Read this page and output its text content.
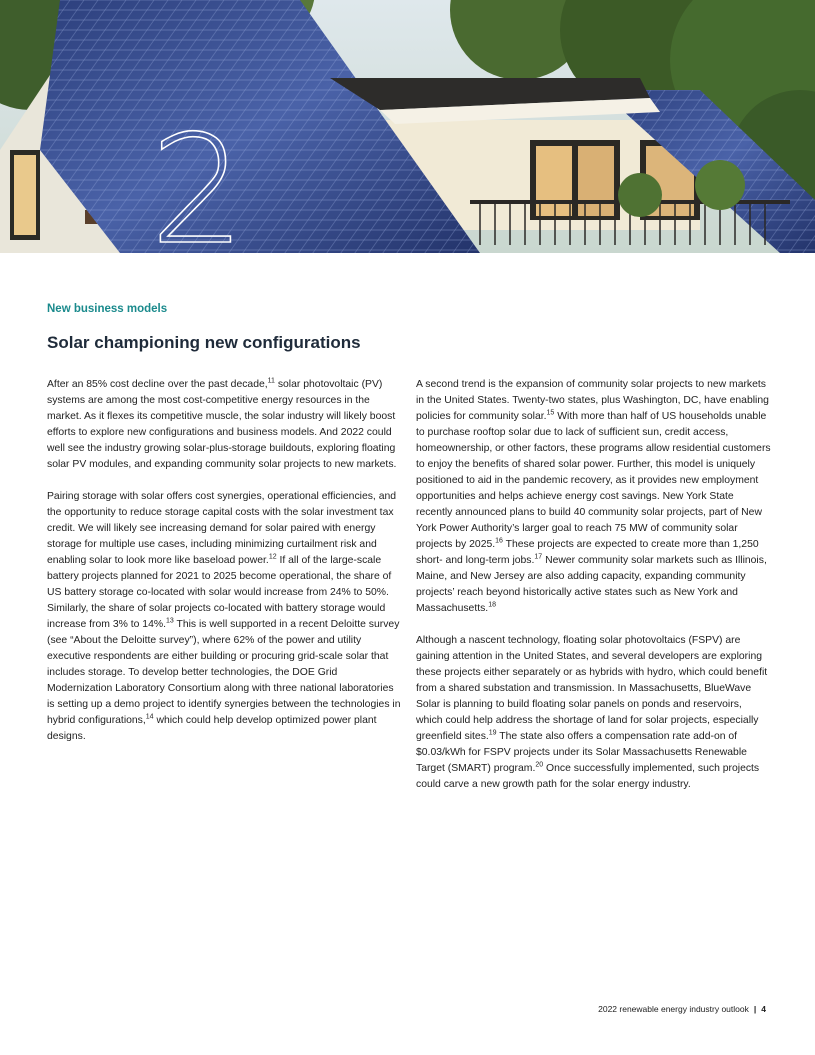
2
New business models
Solar championing new configurations

After an 85% cost decline over the past decade,$^{11}$ solar photovoltaic (PV) systems are among the most cost-competitive energy resources in the market. As it flexes its competitive muscle, the solar industry will likely boost efforts to explore new configurations and business models. And 2022 could well see the industry growing solar-plus-storage buildouts, exploring floating solar PV modules, and expanding community solar projects to new markets.

Pairing storage with solar offers cost synergies, operational efficiencies, and the opportunity to reduce storage capital costs with the solar investment tax credit. We will likely see increasing demand for solar paired with energy storage for multiple use cases, including minimizing curtailment risk and enabling solar to look more like baseload power.$^{12}$ If all of the large-scale battery projects planned for 2021 to 2025 become operational, the share of US battery storage co-located with solar would increase from 24% to 50%. Similarly, the share of solar projects co-located with battery storage would increase from 3% to 14%.$^{13}$ This is well supported in a recent Deloitte survey (see “About the Deloitte survey”), where 62% of the power and utility executive respondents are either building or procuring grid-scale solar that includes storage. To develop better technologies, the DOE Grid Modernization Laboratory Consortium along with three national laboratories is setting up a demo project to identify synergies between the technologies in hybrid configurations,$^{14}$ which could help develop optimized power plant designs.

A second trend is the expansion of community solar projects to new markets in the United States. Twenty-two states, plus Washington, DC, have enabling policies for community solar.$^{15}$ With more than half of US households unable to purchase rooftop solar due to lack of sufficient sun, credit access, homeownership, or other factors, these programs allow residential customers to enjoy the benefits of shared solar power. Further, this model is uniquely positioned to aid in the pandemic recovery, as it provides new employment opportunities and helps achieve energy cost savings. New York State recently announced plans to build 40 community solar projects, part of New York Power Authority’s larger goal to reach 75 MW of community solar projects by 2025.16 These projects are expected to create more than 1,250 short- and long-term jobs.$^{17}$ Newer community solar markets such as Illinois, Maine, and New Jersey are also adding capacity, expanding community projects’ reach beyond historically active states such as New York and Massachusetts.$^{18}$

Although a nascent technology, floating solar photovoltaics (FSPV) are gaining attention in the United States, and several developers are exploring these projects either separately or as hybrids with hydro, which could benefit from a shared substation and transmission. In Massachusetts, BlueWave Solar is planning to build floating solar panels on ponds and reservoirs, which could help address the shortage of land for solar projects, especially greenfield sites.$^{19}$ The state also offers a compensation rate add-on of $0.03/kWh for FSPV projects under its Solar Massachusetts Renewable Target (SMART) program.$^{20}$ Once successfully implemented, such projects could carve a new growth path for the solar energy industry.

2022 renewable energy industry outlook | 4
